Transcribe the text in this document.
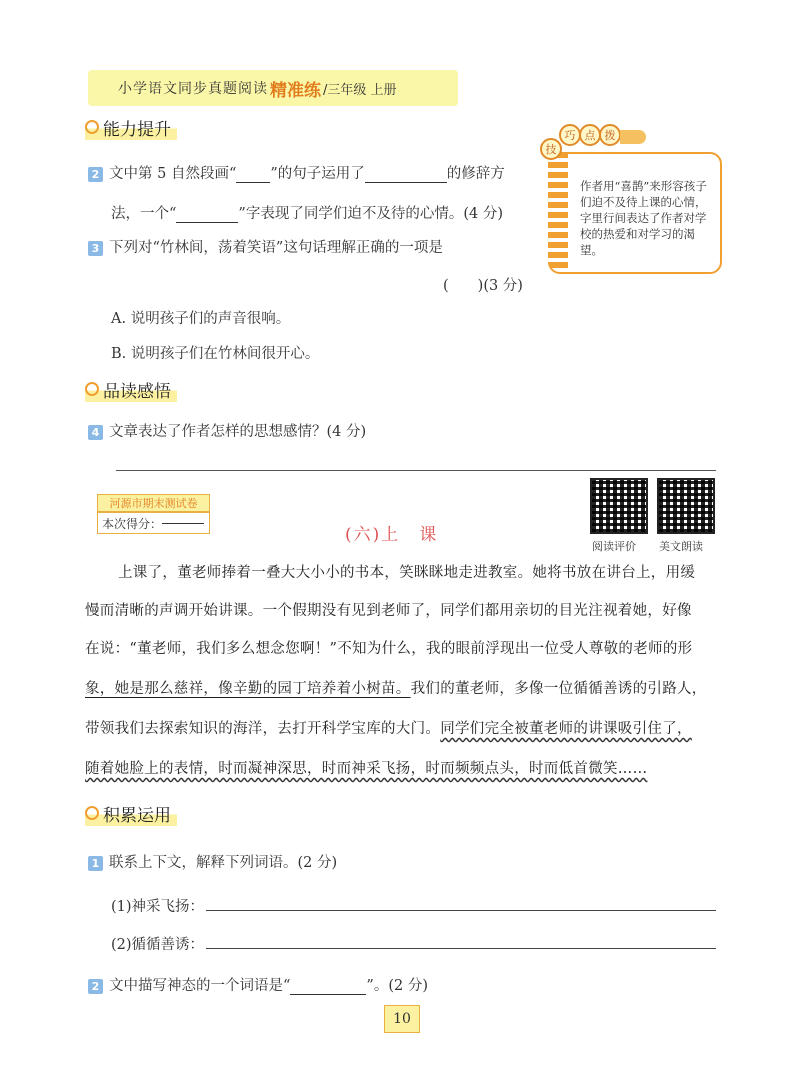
小学语文同步真题阅读 精准练 /三年级 上册
能力提升
2 文中第 5 自然段画“ ”的句子运用了	的修辞方
法，一个“	”字表现了同学们迫不及待的心情。(4 分)
3 下列对“竹林间，荡着笑语”这句话理解正确的一项是
(　　)(3 分)
A. 说明孩子们的声音很响。
B. 说明孩子们在竹林间很开心。
技
巧 点 拨
作者用“喜鹊”来形容孩子们迫不及待上课的心情，字里行间表达了作者对学校的热爱和对学习的渴望。
品读感悟
4 文章表达了作者怎样的思想感情？(4 分)
河源市期末测试卷
本次得分：
(六)上　课
阅读评价 美文朗读
上课了，董老师捧着一叠大大小小的书本，笑眯眯地走进教室。她将书放在讲台上，用缓
慢而清晰的声调开始讲课。一个假期没有见到老师了，同学们都用亲切的目光注视着她，好像
在说：“董老师，我们多么想念您啊！”不知为什么，我的眼前浮现出一位受人尊敬的老师的形
象，她是那么慈祥，像辛勤的园丁培养着小树苗。我们的董老师，多像一位循循善诱的引路人，
带领我们去探索知识的海洋，去打开科学宝库的大门。同学们完全被董老师的讲课吸引住了，
随着她脸上的表情，时而凝神深思，时而神采飞扬，时而频频点头，时而低首微笑……
积累运用
1 联系上下文，解释下列词语。(2 分)
(1)神采飞扬：
(2)循循善诱：
2 文中描写神态的一个词语是“	”。(2 分)
10
